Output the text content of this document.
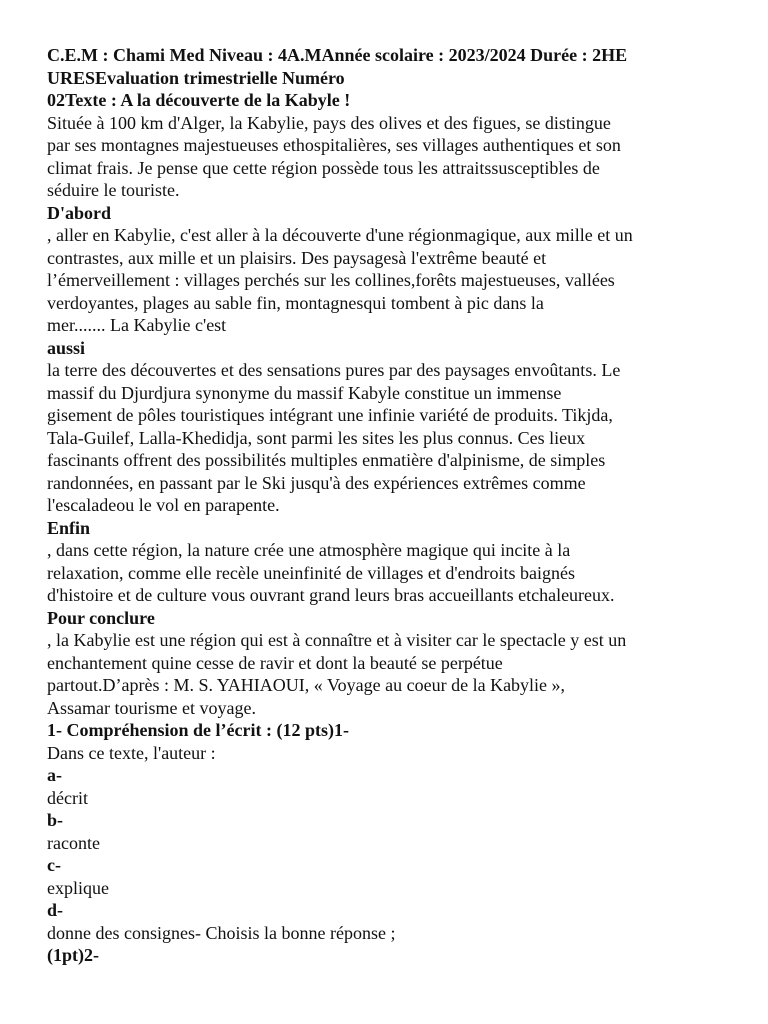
C.E.M : Chami Med Niveau : 4A.MAnnée scolaire : 2023/2024 Durée : 2HE
URESEvaluation trimestrielle Numéro
02Texte : A la découverte de la Kabyle !
Située à 100 km d'Alger, la Kabylie, pays des olives et des figues, se distingue
par ses montagnes majestueuses ethospitalières, ses villages authentiques et son
climat frais. Je pense que cette région possède tous les attraitssusceptibles de
séduire le touriste.
D'abord
, aller en Kabylie, c'est aller à la découverte d'une régionmagique, aux mille et un
contrastes, aux mille et un plaisirs. Des paysagesà l'extrême beauté et
l’émerveillement : villages perchés sur les collines,forêts majestueuses, vallées
verdoyantes, plages au sable fin, montagnesqui tombent à pic dans la
mer....... La Kabylie c'est
aussi
la terre des découvertes et des sensations pures par des paysages envoûtants. Le
massif du Djurdjura synonyme du massif Kabyle constitue un immense
gisement de pôles touristiques intégrant une infinie variété de produits. Tikjda,
Tala-Guilef, Lalla-Khedidja, sont parmi les sites les plus connus. Ces lieux
fascinants offrent des possibilités multiples enmatière d'alpinisme, de simples
randonnées, en passant par le Ski jusqu'à des expériences extrêmes comme
l'escaladeou le vol en parapente.
Enfin
, dans cette région, la nature crée une atmosphère magique qui incite à la
relaxation, comme elle recèle uneinfinité de villages et d'endroits baignés
d'histoire et de culture vous ouvrant grand leurs bras accueillants etchaleureux.
Pour conclure
, la Kabylie est une région qui est à connaître et à visiter car le spectacle y est un
enchantement quine cesse de ravir et dont la beauté se perpétue
partout.D’après : M. S. YAHIAOUI, « Voyage au coeur de la Kabylie »,
Assamar tourisme et voyage.
1- Compréhension de l’écrit : (12 pts)1-
Dans ce texte, l'auteur :
a-
décrit
b-
raconte
c-
explique
d-
donne des consignes- Choisis la bonne réponse ;
(1pt)2-
